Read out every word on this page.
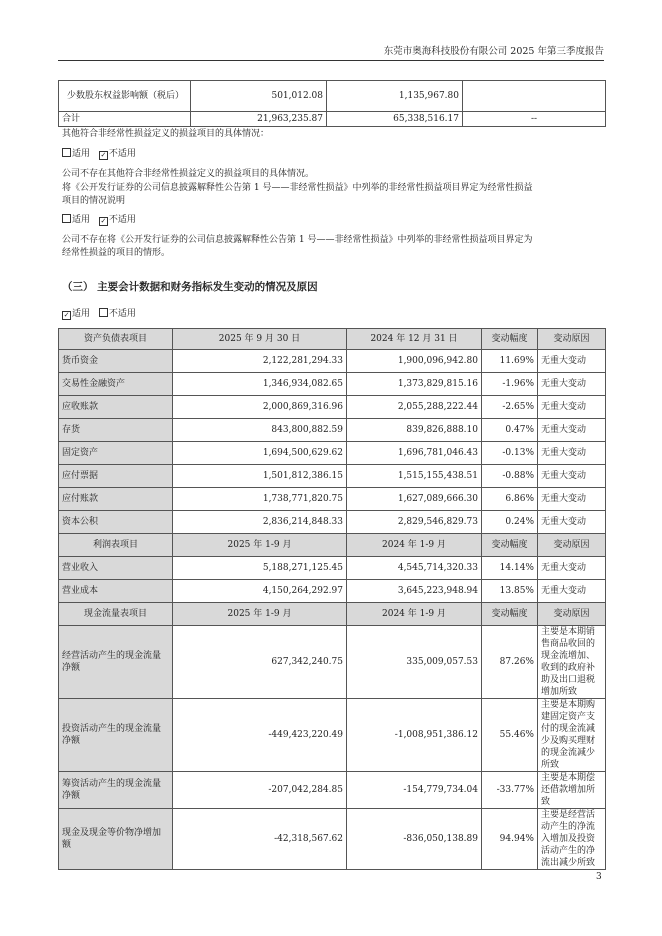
东莞市奥海科技股份有限公司 2025 年第三季度报告
少数股东权益影响额（税后）	501,012.08	1,135,967.80	
合计	21,963,235.87	65,338,516.17	--
其他符合非经常性损益定义的损益项目的具体情况：
适用 ✓ 不适用
公司不存在其他符合非经常性损益定义的损益项目的具体情况。
将《公开发行证券的公司信息披露解释性公告第 1 号——非经常性损益》中列举的非经常性损益项目界定为经常性损益
项目的情况说明
适用 ✓ 不适用
公司不存在将《公开发行证券的公司信息披露解释性公告第 1 号——非经常性损益》中列举的非经常性损益项目界定为
经常性损益的项目的情形。
（三） 主要会计数据和财务指标发生变动的情况及原因
✓ 适用 不适用
资产负债表项目	2025 年 9 月 30 日	2024 年 12 月 31 日	变动幅度	变动原因
货币资金	2,122,281,294.33	1,900,096,942.80	11.69%	无重大变动
交易性金融资产	1,346,934,082.65	1,373,829,815.16	-1.96%	无重大变动
应收账款	2,000,869,316.96	2,055,288,222.44	-2.65%	无重大变动
存货	843,800,882.59	839,826,888.10	0.47%	无重大变动
固定资产	1,694,500,629.62	1,696,781,046.43	-0.13%	无重大变动
应付票据	1,501,812,386.15	1,515,155,438.51	-0.88%	无重大变动
应付账款	1,738,771,820.75	1,627,089,666.30	6.86%	无重大变动
资本公积	2,836,214,848.33	2,829,546,829.73	0.24%	无重大变动
利润表项目	2025 年 1-9 月	2024 年 1-9 月	变动幅度	变动原因
营业收入	5,188,271,125.45	4,545,714,320.33	14.14%	无重大变动
营业成本	4,150,264,292.97	3,645,223,948.94	13.85%	无重大变动
现金流量表项目	2025 年 1-9 月	2024 年 1-9 月	变动幅度	变动原因
经营活动产生的现金流量净额	627,342,240.75	335,009,057.53	87.26%	主要是本期销售商品收回的现金流增加、收到的政府补助及出口退税增加所致
投资活动产生的现金流量净额	-449,423,220.49	-1,008,951,386.12	55.46%	主要是本期购建固定资产支付的现金流减少及购买理财的现金流减少所致
筹资活动产生的现金流量净额	-207,042,284.85	-154,779,734.04	-33.77%	主要是本期偿还借款增加所致
现金及现金等价物净增加额	-42,318,567.62	-836,050,138.89	94.94%	主要是经营活动产生的净流入增加及投资活动产生的净流出减少所致
3
